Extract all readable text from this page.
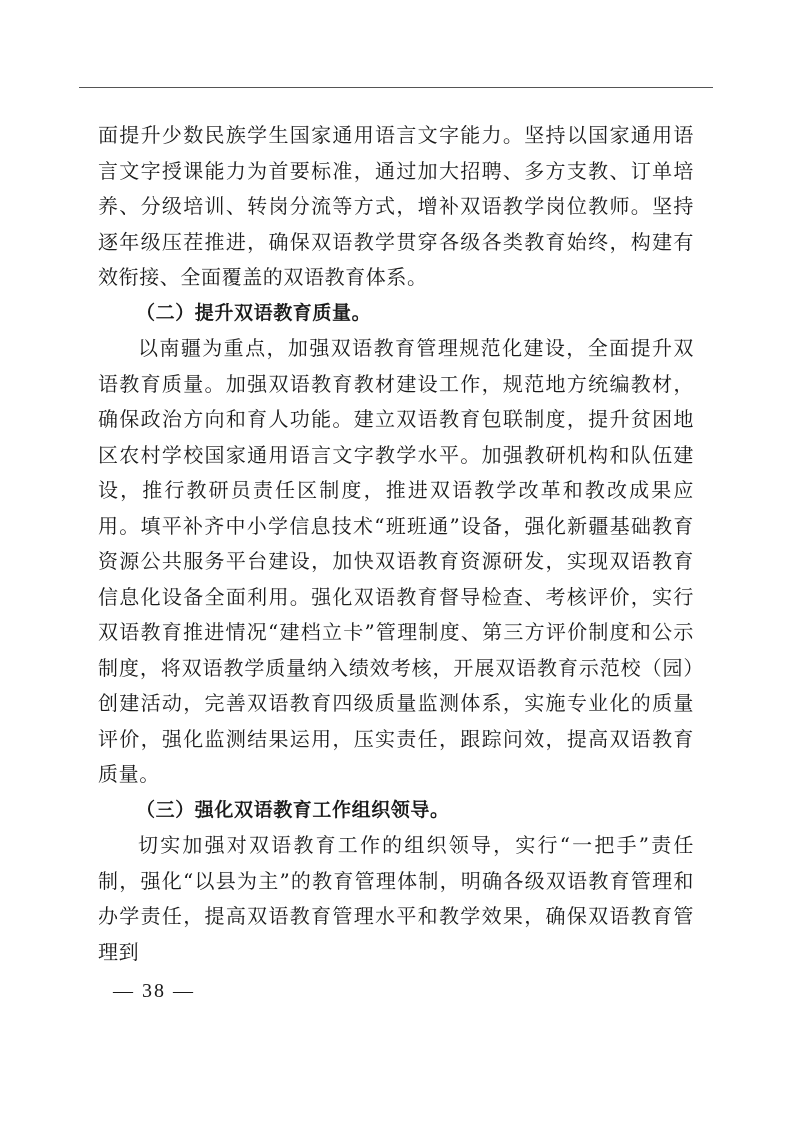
面提升少数民族学生国家通用语言文字能力。坚持以国家通用语言文字授课能力为首要标准，通过加大招聘、多方支教、订单培养、分级培训、转岗分流等方式，增补双语教学岗位教师。坚持逐年级压茬推进，确保双语教学贯穿各级各类教育始终，构建有效衔接、全面覆盖的双语教育体系。

（二）提升双语教育质量。

以南疆为重点，加强双语教育管理规范化建设，全面提升双语教育质量。加强双语教育教材建设工作，规范地方统编教材，确保政治方向和育人功能。建立双语教育包联制度，提升贫困地区农村学校国家通用语言文字教学水平。加强教研机构和队伍建设，推行教研员责任区制度，推进双语教学改革和教改成果应用。填平补齐中小学信息技术“班班通”设备，强化新疆基础教育资源公共服务平台建设，加快双语教育资源研发，实现双语教育信息化设备全面利用。强化双语教育督导检查、考核评价，实行双语教育推进情况“建档立卡”管理制度、第三方评价制度和公示制度，将双语教学质量纳入绩效考核，开展双语教育示范校（园）创建活动，完善双语教育四级质量监测体系，实施专业化的质量评价，强化监测结果运用，压实责任，跟踪问效，提高双语教育质量。

（三）强化双语教育工作组织领导。

切实加强对双语教育工作的组织领导，实行“一把手”责任制，强化“以县为主”的教育管理体制，明确各级双语教育管理和办学责任，提高双语教育管理水平和教学效果，确保双语教育管理到

— 38 —
